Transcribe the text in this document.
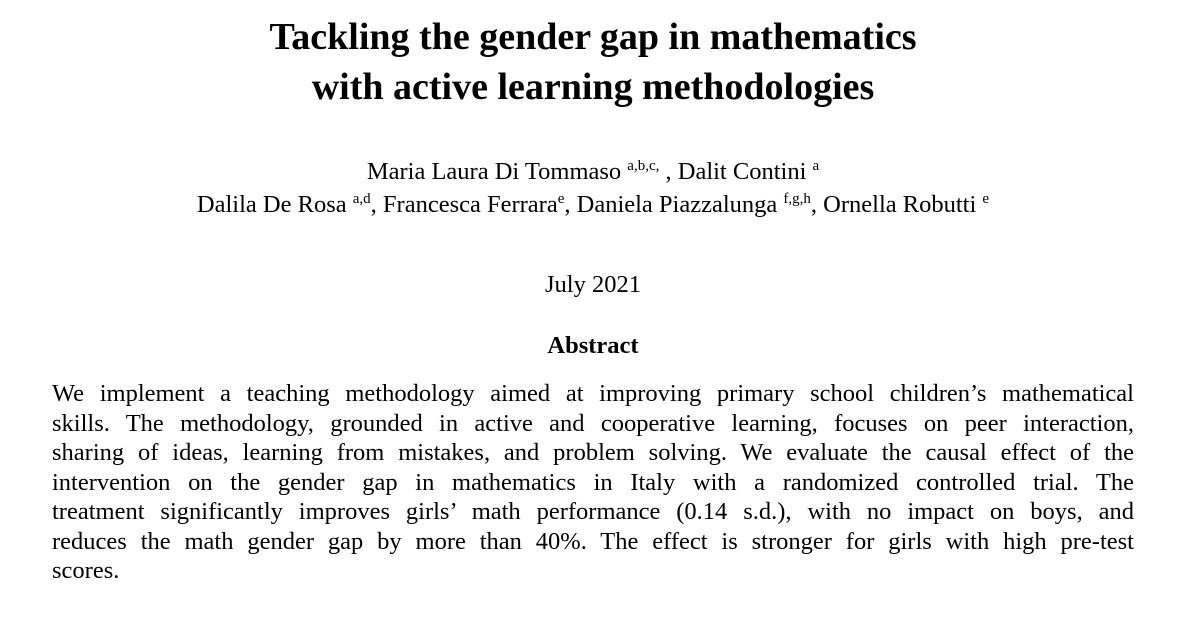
Tackling the gender gap in mathematics
with active learning methodologies
Maria Laura Di Tommaso $^{a,b,c,}$ , Dalit Contini $^a$
Dalila De Rosa $^{a,d}$, Francesca Ferrara$^e$, Daniela Piazzalunga $^{f,g,h}$, Ornella Robutti $^e$
July 2021
Abstract
We implement a teaching methodology aimed at improving primary school children’s mathematical
skills. The methodology, grounded in active and cooperative learning, focuses on peer interaction,
sharing of ideas, learning from mistakes, and problem solving. We evaluate the causal effect of the
intervention on the gender gap in mathematics in Italy with a randomized controlled trial. The
treatment significantly improves girls’ math performance (0.14 s.d.), with no impact on boys, and
reduces the math gender gap by more than 40%. The effect is stronger for girls with high pre-test
scores.
